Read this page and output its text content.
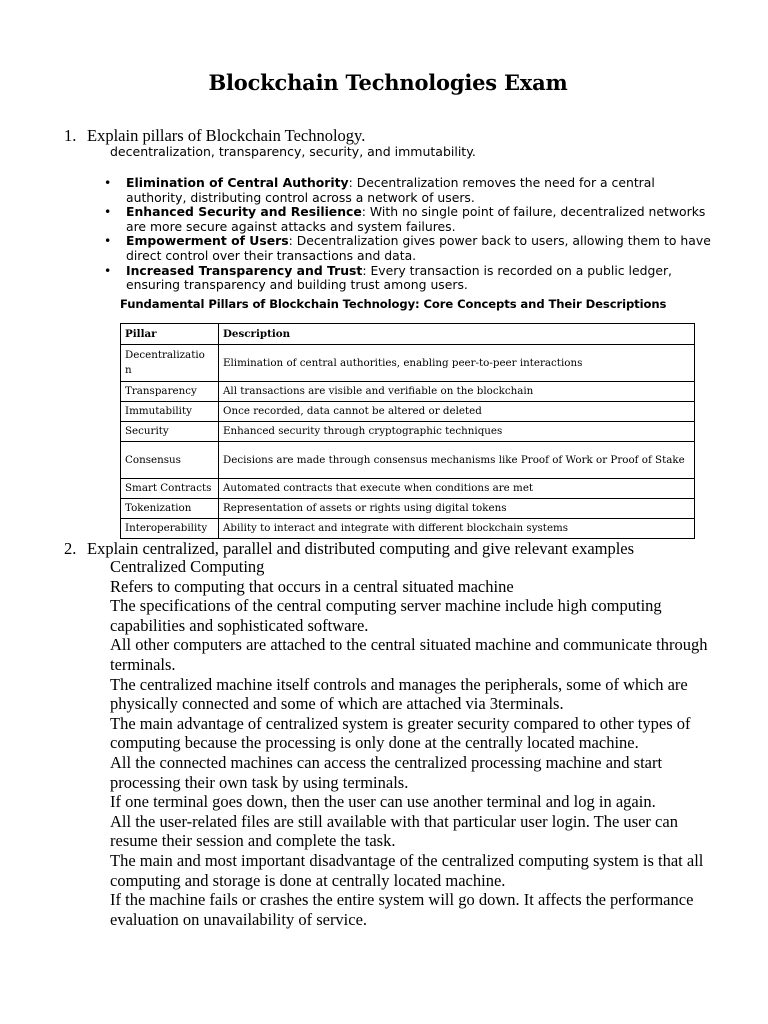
Blockchain Technologies Exam
1. Explain pillars of Blockchain Technology.
decentralization, transparency, security, and immutability.
• Elimination of Central Authority: Decentralization removes the need for a central authority, distributing control across a network of users.
• Enhanced Security and Resilience: With no single point of failure, decentralized networks are more secure against attacks and system failures.
• Empowerment of Users: Decentralization gives power back to users, allowing them to have direct control over their transactions and data.
• Increased Transparency and Trust: Every transaction is recorded on a public ledger, ensuring transparency and building trust among users.
Fundamental Pillars of Blockchain Technology: Core Concepts and Their Descriptions
Pillar	Description
Decentralizatio n	Elimination of central authorities, enabling peer-to-peer interactions
Transparency	All transactions are visible and verifiable on the blockchain
Immutability	Once recorded, data cannot be altered or deleted
Security	Enhanced security through cryptographic techniques
Consensus	Decisions are made through consensus mechanisms like Proof of Work or Proof of Stake
Smart Contracts	Automated contracts that execute when conditions are met
Tokenization	Representation of assets or rights using digital tokens
Interoperability	Ability to interact and integrate with different blockchain systems
2. Explain centralized, parallel and distributed computing and give relevant examples

Centralized Computing

Refers to computing that occurs in a central situated machine

The specifications of the central computing server machine include high computing capabilities and sophisticated software.

All other computers are attached to the central situated machine and communicate through terminals.

The centralized machine itself controls and manages the peripherals, some of which are physically connected and some of which are attached via 3terminals.

The main advantage of centralized system is greater security compared to other types of computing because the processing is only done at the centrally located machine.

All the connected machines can access the centralized processing machine and start processing their own task by using terminals.

If one terminal goes down, then the user can use another terminal and log in again.

All the user-related files are still available with that particular user login. The user can resume their session and complete the task.

The main and most important disadvantage of the centralized computing system is that all computing and storage is done at centrally located machine.

If the machine fails or crashes the entire system will go down. It affects the performance evaluation on unavailability of service.
